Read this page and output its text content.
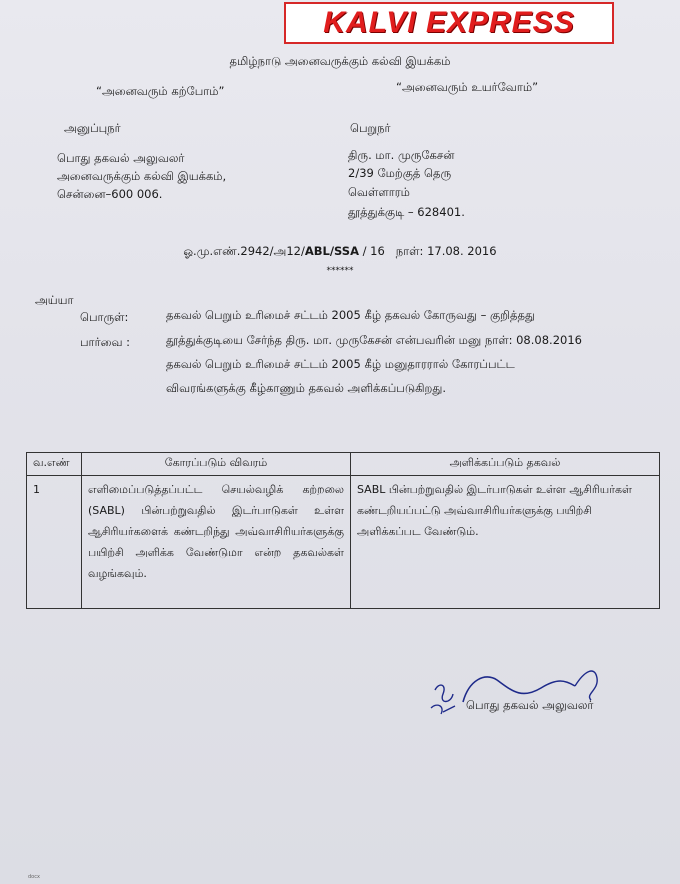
KALVI EXPRESS
தமிழ்நாடு அனைவருக்கும் கல்வி இயக்கம்
“அனைவரும் கற்போம்”	“அனைவரும் உயர்வோம்”
அனுப்புநர்	பெறுநர்
பொது தகவல் அலுவலர்
அனைவருக்கும் கல்வி இயக்கம்,
சென்னை–600 006.
திரு. மா. முருகேசன்
2/39 மேற்குத் தெரு
வெள்ளாரம்
தூத்துக்குடி – 628401.
ஓ.மு.எண்.2942/அ12/ABL/SSA / 16   நாள்: 17.08. 2016
******
அய்யா
பொருள்:	தகவல் பெறும் உரிமைச் சட்டம் 2005 கீழ் தகவல் கோருவது – குறித்தது
பார்வை :	தூத்துக்குடியை சேர்ந்த திரு. மா. முருகேசன் என்பவரின் மனு நாள்: 08.08.2016
தகவல் பெறும் உரிமைச் சட்டம் 2005 கீழ் மனுதாரரால் கோரப்பட்ட
விவரங்களுக்கு கீழ்காணும் தகவல் அளிக்கப்படுகிறது.
வ.எண்	கோரப்படும் விவரம்	அளிக்கப்படும் தகவல்
1	எளிமைப்படுத்தப்பட்ட செயல்வழிக் கற்றலை (SABL) பின்பற்றுவதில் இடர்பாடுகள் உள்ள ஆசிரியர்களைக் கண்டறிந்து அவ்வாசிரியர்களுக்கு பயிற்சி அளிக்க வேண்டுமா என்ற தகவல்கள் வழங்கவும்.	SABL பின்பற்றுவதில் இடர்பாடுகள் உள்ள ஆசிரியர்கள் கண்டறியப்பட்டு அவ்வாசிரியர்களுக்கு பயிற்சி அளிக்கப்பட வேண்டும்.
பொது தகவல் அலுவலர்
docx
